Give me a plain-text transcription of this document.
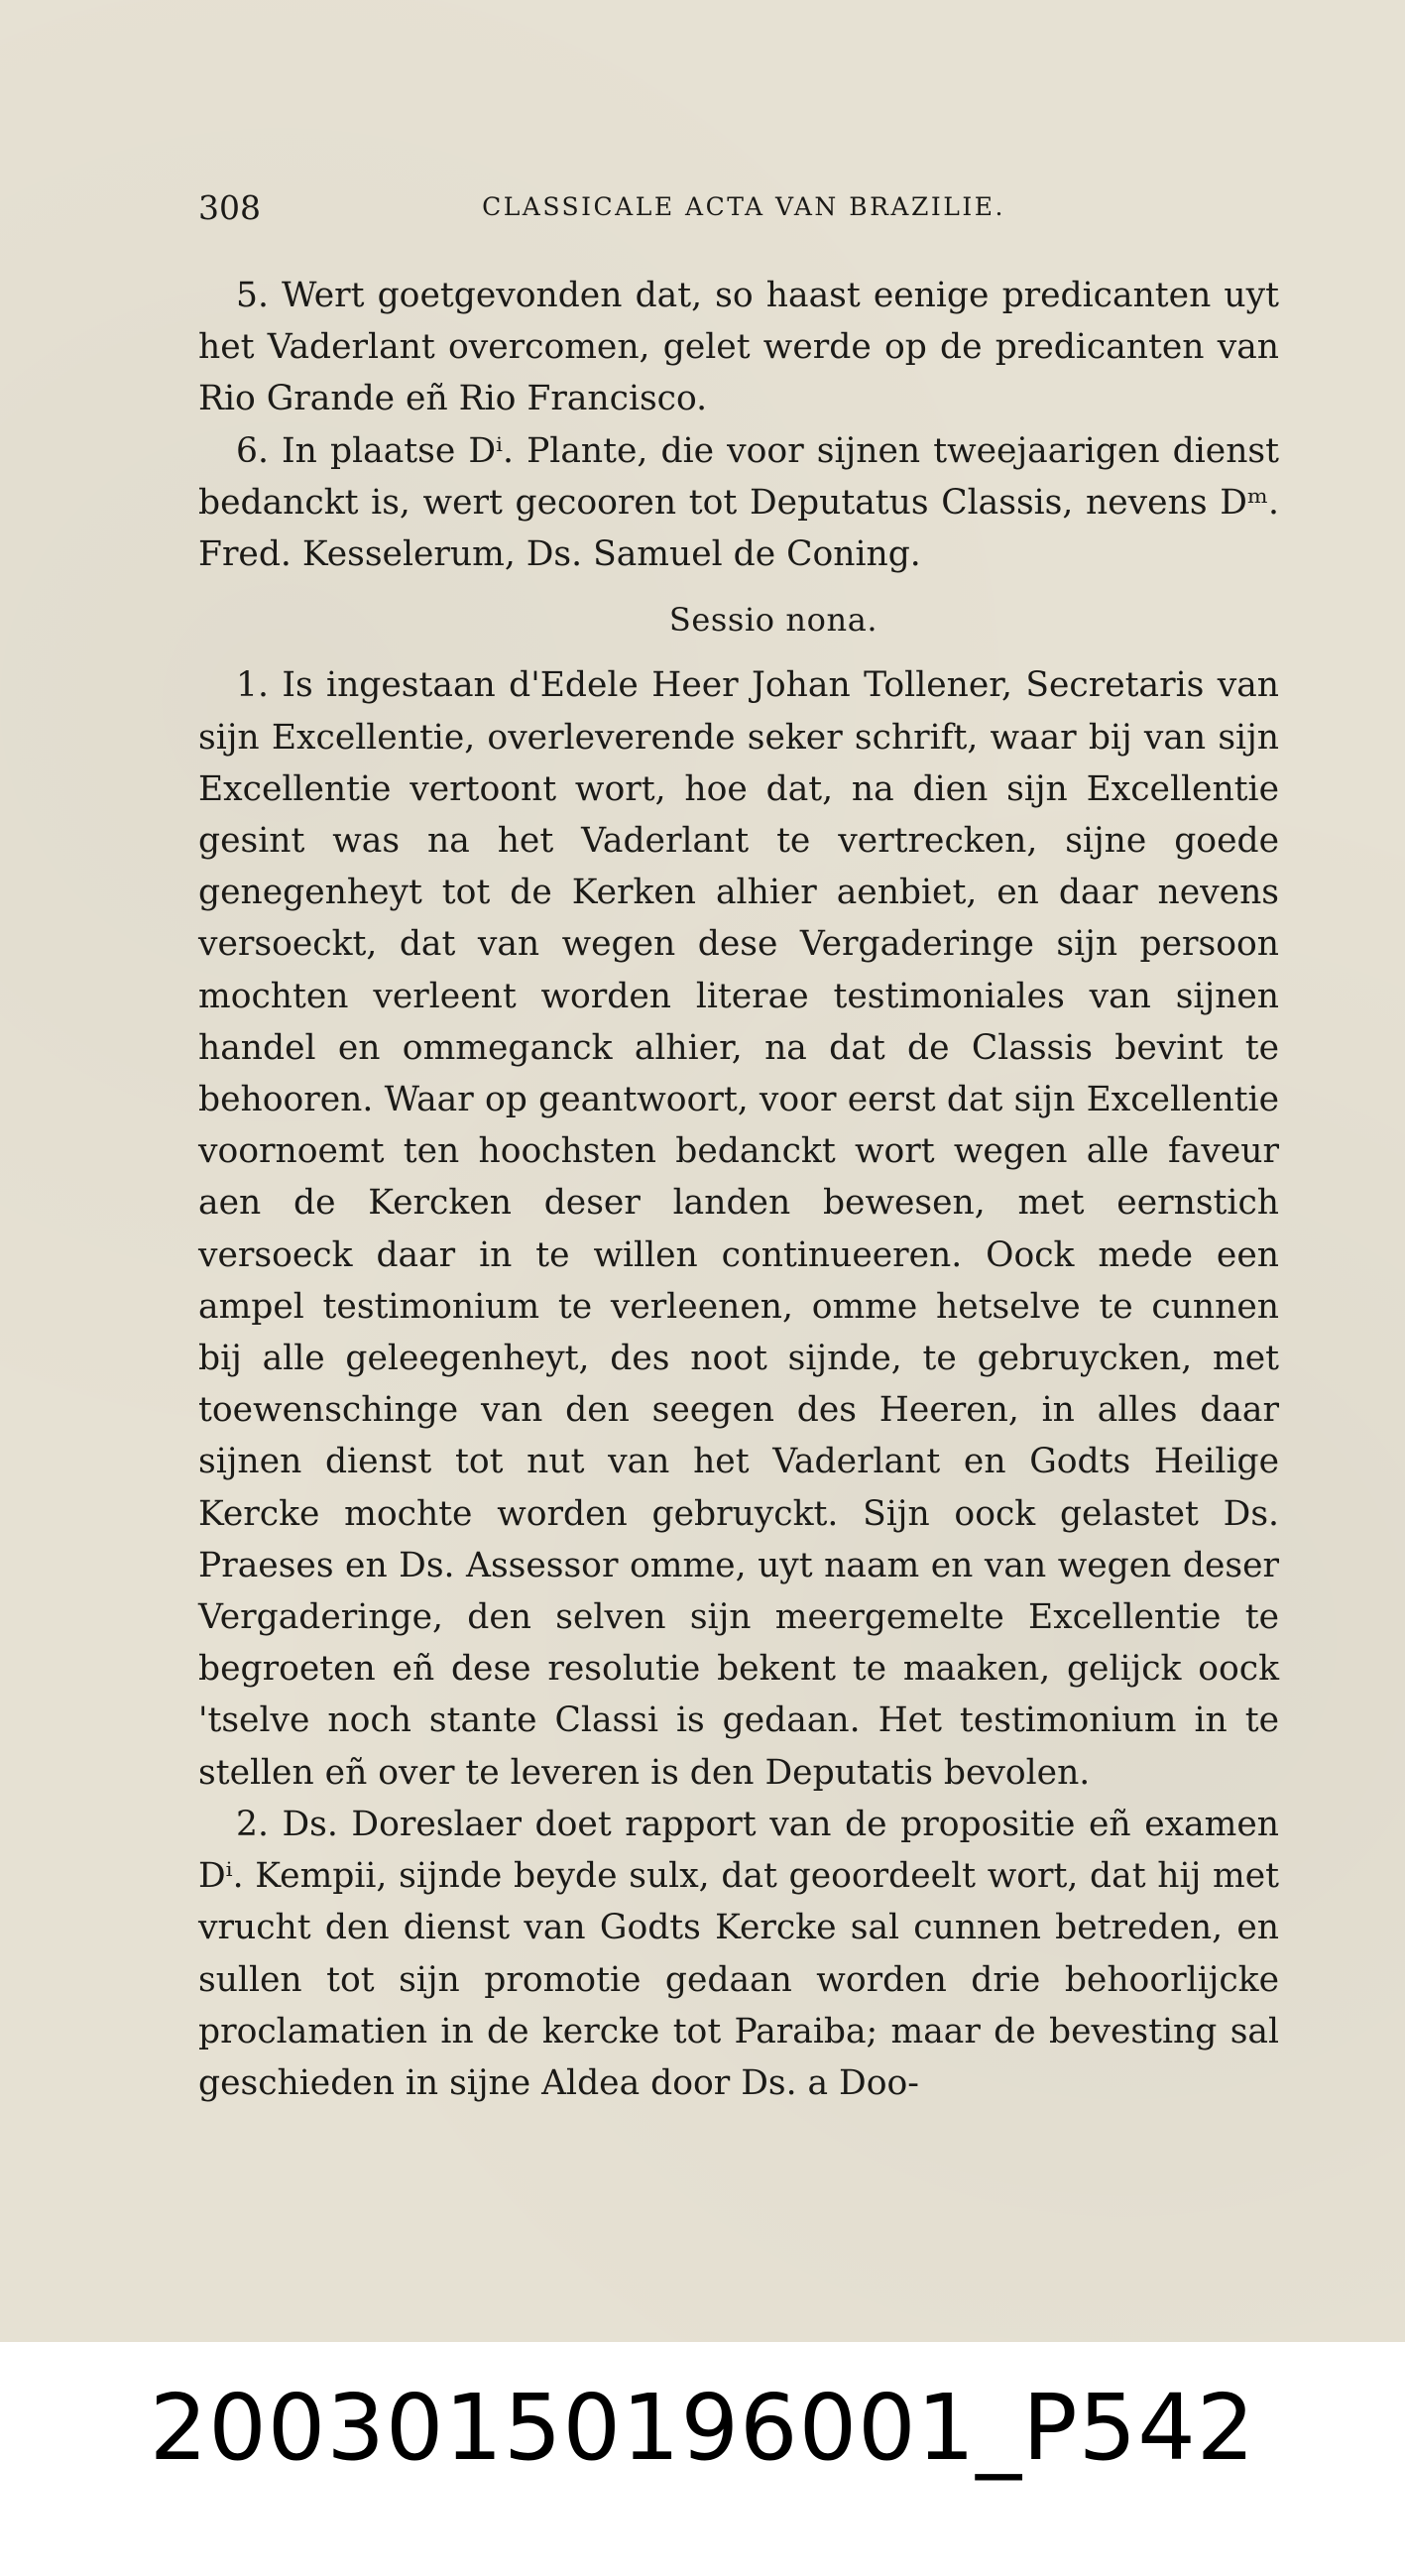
308	CLASSICALE ACTA VAN BRAZILIE.

5. Wert goetgevonden dat, so haast eenige predicanten uyt het Vaderlant overcomen, gelet werde op de predicanten van Rio Grande eñ Rio Francisco.

6. In plaatse Dⁱ. Plante, die voor sijnen tweejaarigen dienst bedanckt is, wert gecooren tot Deputatus Classis, nevens Dᵐ. Fred. Kesselerum, Ds. Samuel de Coning.

Sessio nona.

1. Is ingestaan d'Edele Heer Johan Tollener, Secretaris van sijn Excellentie, overleverende seker schrift, waar bij van sijn Excellentie vertoont wort, hoe dat, na dien sijn Excellentie gesint was na het Vaderlant te vertrecken, sijne goede genegenheyt tot de Kerken alhier aenbiet, en daar nevens versoeckt, dat van wegen dese Vergaderinge sijn persoon mochten verleent worden literae testimoniales van sijnen handel en ommeganck alhier, na dat de Classis bevint te behooren. Waar op geantwoort, voor eerst dat sijn Excellentie voornoemt ten hoochsten bedanckt wort wegen alle faveur aen de Kercken deser landen bewesen, met eernstich versoeck daar in te willen continueeren. Oock mede een ampel testimonium te verleenen, omme hetselve te cunnen bij alle geleegenheyt, des noot sijnde, te gebruycken, met toewenschinge van den seegen des Heeren, in alles daar sijnen dienst tot nut van het Vaderlant en Godts Heilige Kercke mochte worden gebruyckt. Sijn oock gelastet Ds. Praeses en Ds. Assessor omme, uyt naam en van wegen deser Vergaderinge, den selven sijn meergemelte Excellentie te begroeten eñ dese resolutie bekent te maaken, gelijck oock 'tselve noch stante Classi is gedaan. Het testimonium in te stellen eñ over te leveren is den Deputatis bevolen.

2. Ds. Doreslaer doet rapport van de propositie eñ examen Dⁱ. Kempii, sijnde beyde sulx, dat geoordeelt wort, dat hij met vrucht den dienst van Godts Kercke sal cunnen betreden, en sullen tot sijn promotie gedaan worden drie behoorlijcke proclamatien in de kercke tot Paraiba; maar de bevesting sal geschieden in sijne Aldea door Ds. a Doo-

20030150196001_P542
